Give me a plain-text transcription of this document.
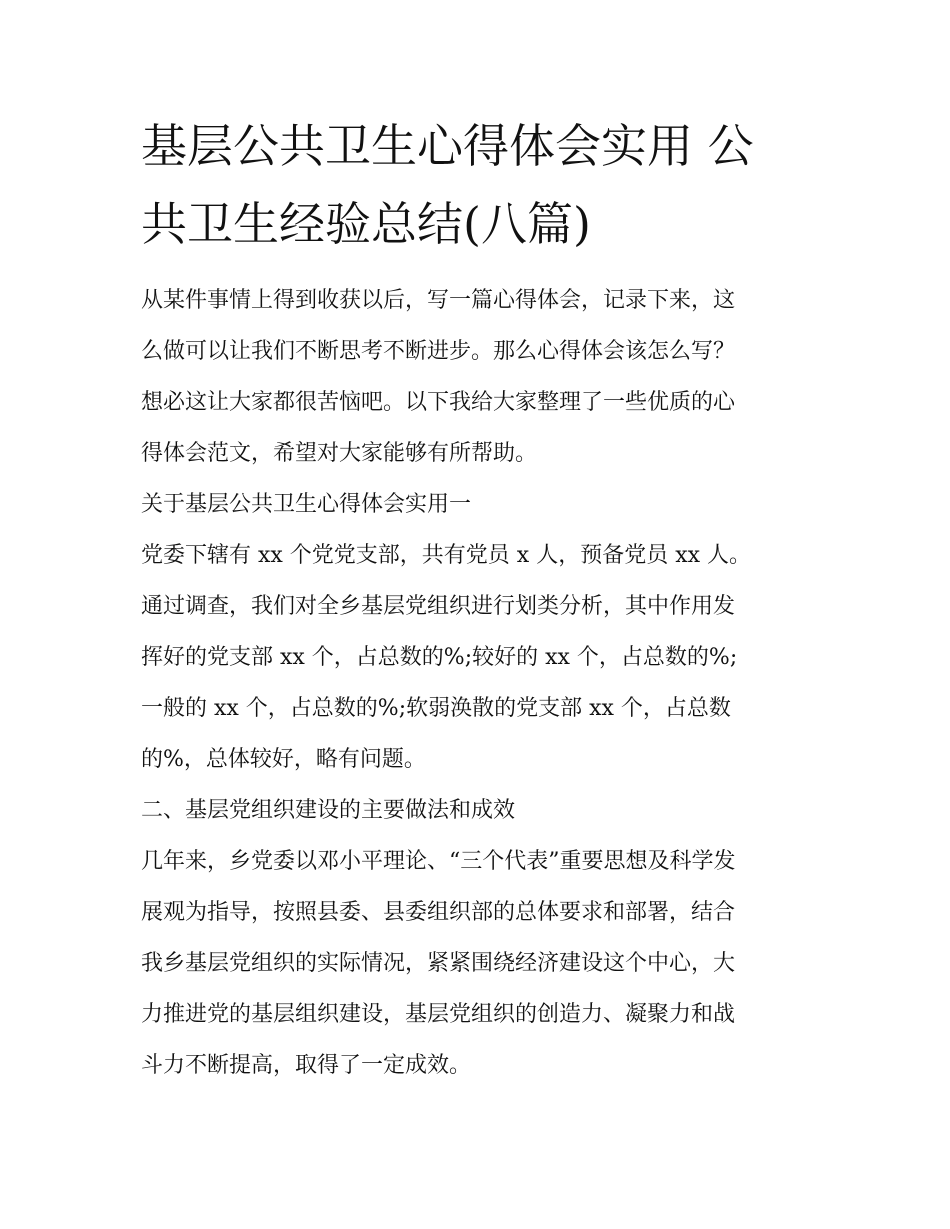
基层公共卫生心得体会实用 公
共卫生经验总结(八篇)
从某件事情上得到收获以后，写一篇心得体会，记录下来，这
么做可以让我们不断思考不断进步。那么心得体会该怎么写？
想必这让大家都很苦恼吧。以下我给大家整理了一些优质的心
得体会范文，希望对大家能够有所帮助。
关于基层公共卫生心得体会实用一
党委下辖有 xx 个党党支部，共有党员 x 人，预备党员 xx 人。
通过调查，我们对全乡基层党组织进行划类分析，其中作用发
挥好的党支部 xx 个，占总数的%;较好的 xx 个，占总数的%;
一般的 xx 个，占总数的%;软弱涣散的党支部 xx 个，占总数
的%，总体较好，略有问题。
二、基层党组织建设的主要做法和成效
几年来，乡党委以邓小平理论、“三个代表”重要思想及科学发
展观为指导，按照县委、县委组织部的总体要求和部署，结合
我乡基层党组织的实际情况，紧紧围绕经济建设这个中心，大
力推进党的基层组织建设，基层党组织的创造力、凝聚力和战
斗力不断提高，取得了一定成效。
